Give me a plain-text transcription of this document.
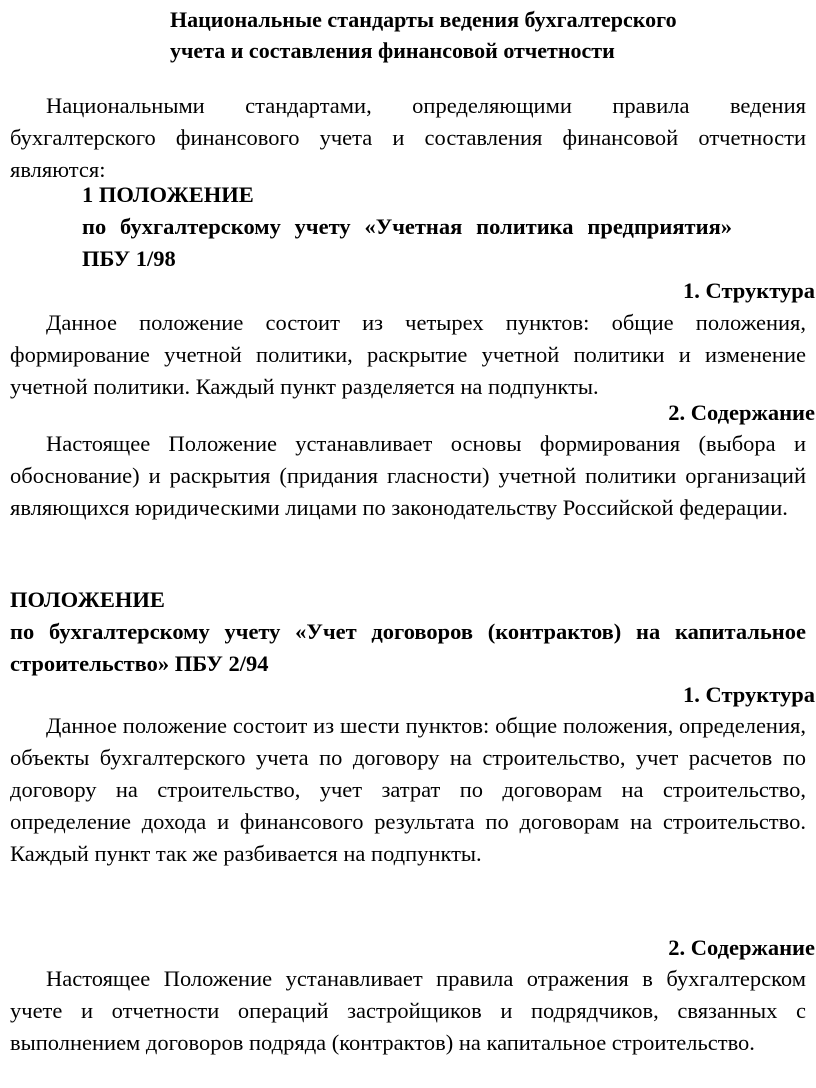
Национальные стандарты ведения бухгалтерского
учета и составления финансовой отчетности

Национальными стандартами, определяющими правила ведения бухгалтерского финансового учета и составления финансовой отчетности являются:

1 ПОЛОЖЕНИЕ

по бухгалтерскому учету «Учетная политика предприятия» ПБУ 1/98

1. Структура

Данное положение состоит из четырех пунктов: общие положения, формирование учетной политики, раскрытие учетной политики и изменение учетной политики. Каждый пункт разделяется на подпункты.

2. Содержание

Настоящее Положение устанавливает основы формирования (выбора и обоснование) и раскрытия (придания гласности) учетной политики организаций являющихся юридическими лицами по законодательству Российской федерации.

ПОЛОЖЕНИЕ

по бухгалтерскому учету «Учет договоров (контрактов) на капитальное строительство» ПБУ 2/94

1. Структура

Данное положение состоит из шести пунктов: общие положения, определения, объекты бухгалтерского учета по договору на строительство, учет расчетов по договору на строительство, учет затрат по договорам на строительство, определение дохода и финансового результата по договорам на строительство. Каждый пункт так же разбивается на подпункты.

2. Содержание

Настоящее Положение устанавливает правила отражения в бухгалтерском учете и отчетности операций застройщиков и подрядчиков, связанных с выполнением договоров подряда (контрактов) на капитальное строительство.
